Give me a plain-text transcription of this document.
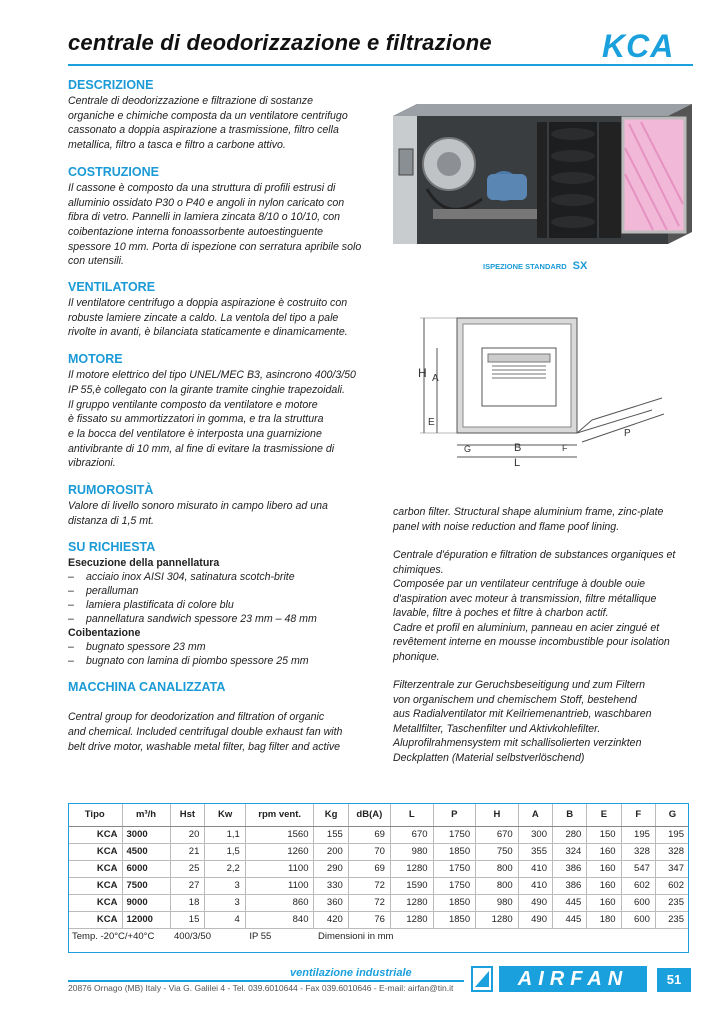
centrale di deodorizzazione e filtrazione	KCA
DESCRIZIONE
Centrale di deodorizzazione e filtrazione di sostanze
organiche e chimiche composta da un ventilatore centrifugo
cassonato a doppia aspirazione a trasmissione, filtro cella
metallica, filtro a tasca e filtro a carbone attivo.
COSTRUZIONE
Il cassone è composto da una struttura di profili estrusi di
alluminio ossidato P30 o P40 e angoli in nylon caricato con
fibra di vetro. Pannelli in lamiera zincata 8/10 o 10/10, con
coibentazione interna fonoassorbente autoestinguente
spessore 10 mm. Porta di ispezione con serratura apribile solo
con utensili.
VENTILATORE
Il ventilatore centrifugo a doppia aspirazione è costruito con
robuste lamiere zincate a caldo. La ventola del tipo a pale
rivolte in avanti, è bilanciata staticamente e dinamicamente.
MOTORE
Il motore elettrico del tipo UNEL/MEC B3, asincrono 400/3/50
IP 55,è collegato con la girante tramite cinghie trapezoidali.
Il gruppo ventilante composto da ventilatore e motore
è fissato su ammortizzatori in gomma, e tra la struttura
e la bocca del ventilatore è interposta una guarnizione
antivibrante di 10 mm, al fine di evitare la trasmissione di
vibrazioni.
RUMOROSITÀ
Valore di livello sonoro misurato in campo libero ad una
distanza di 1,5 mt.
SU RICHIESTA
Esecuzione della pannellatura
–	acciaio inox AISI 304, satinatura scotch-brite
–	peralluman
–	lamiera plastificata di colore blu
–	pannellatura sandwich spessore 23 mm – 48 mm
Coibentazione
–	bugnato spessore 23 mm
–	bugnato con lamina di piombo spessore 25 mm
MACCHINA CANALIZZATA
Central group for deodorization and filtration of organic
and chemical. Included centrifugal double exhaust fan with
belt drive motor, washable metal filter, bag filter and active
ISPEZIONE STANDARD SX
H A
E
G	B	F
L
P

carbon filter. Structural shape aluminium frame, zinc-plate
panel with noise reduction and flame poof lining.

Centrale d'épuration e filtration de substances organiques et
chimiques.
Composée par un ventilateur centrifuge à double ouie
d'aspiration avec moteur à transmission, filtre métallique
lavable, filtre à poches et filtre à charbon actif.
Cadre et profil en aluminium, panneau en acier zingué et
revêtement interne en mousse incombustible pour isolation
phonique.

Filterzentrale zur Geruchsbeseitigung und zum Filtern
von organischem und chemischem Stoff, bestehend
aus Radialventilator mit Keilriemenantrieb, waschbaren
Metallfilter, Taschenfilter und Aktivkohlefilter.
Aluprofilrahmensystem mit schallisolierten verzinkten
Deckplatten (Material selbstverlöschend)

Tipo	m³/h	Hst	Kw	rpm vent.	Kg	dB(A)	L	P	H	A	B	E	F	G
KCA	3000	20	1,1	1560	155	69	670	1750	670	300	280	150	195	195
KCA	4500	21	1,5	1260	200	70	980	1850	750	355	324	160	328	328
KCA	6000	25	2,2	1100	290	69	1280	1750	800	410	386	160	547	347
KCA	7500	27	3	1100	330	72	1590	1750	800	410	386	160	602	602
KCA	9000	18	3	860	360	72	1280	1850	980	490	445	160	600	235
KCA	12000	15	4	840	420	76	1280	1850	1280	490	445	180	600	235
Temp. -20°C/+40°C		400/3/50		IP 55	Dimensioni in mm									
ventilazione industriale
20876 Ornago (MB) Italy - Via G. Galilei 4 - Tel. 039.6010644 - Fax 039.6010646 - E-mail: airfan@tin.it	AIRFAN	51
